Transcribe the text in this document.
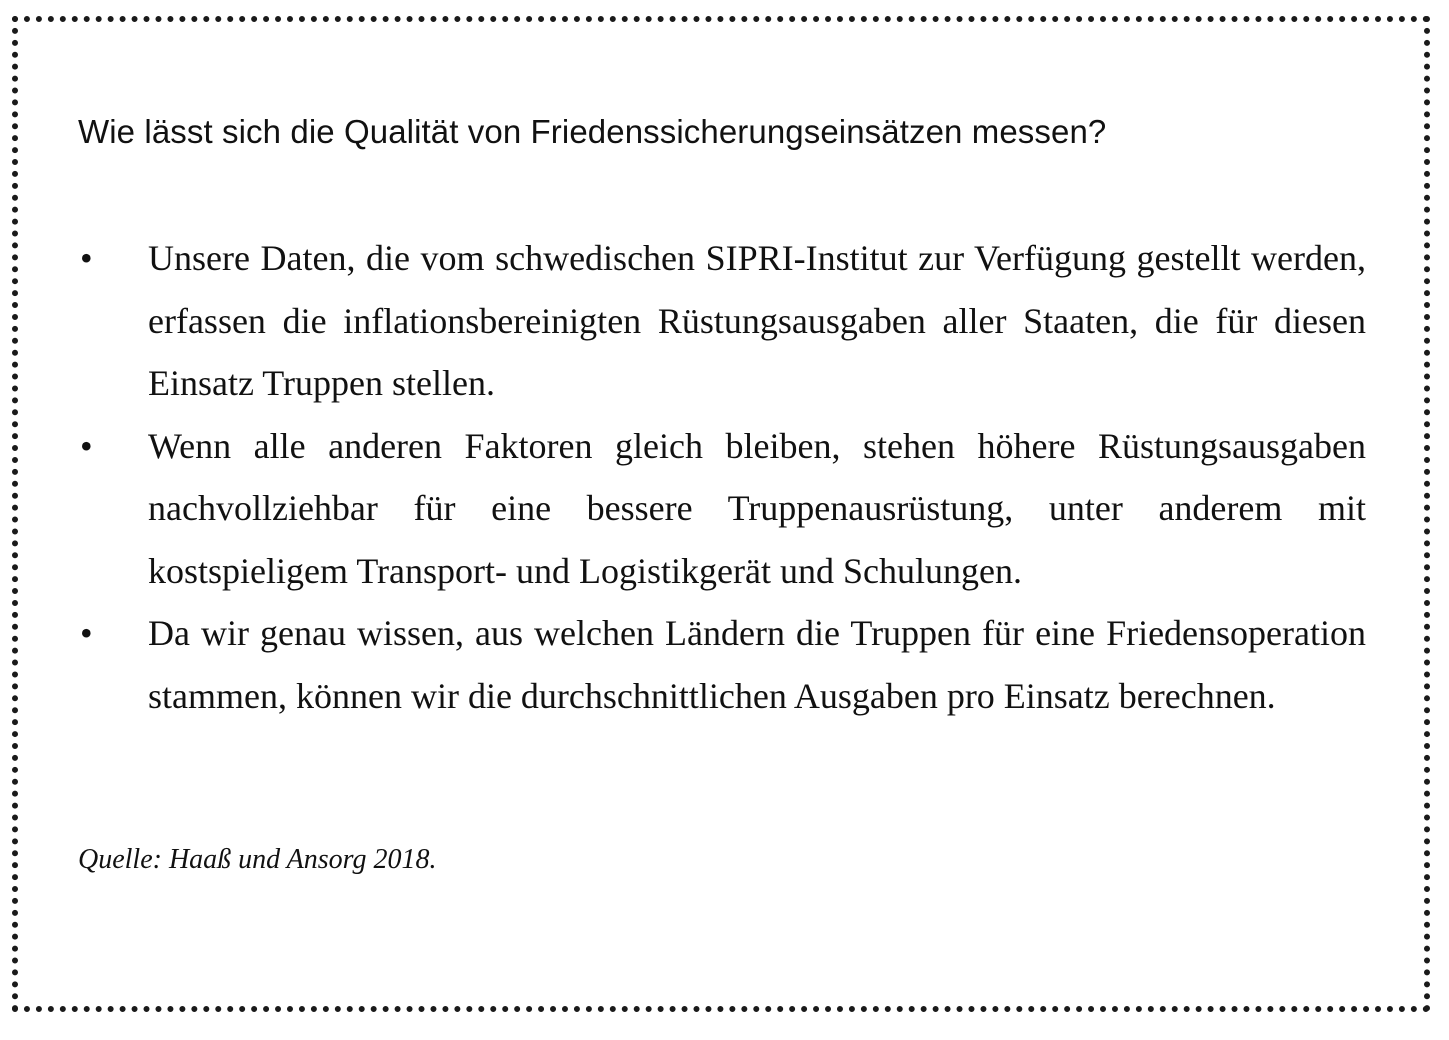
Wie lässt sich die Qualität von Friedenssicherungseinsätzen messen?
•	Unsere Daten, die vom schwedischen SIPRI-Institut zur Verfügung gestellt werden, erfassen die inflationsbereinigten Rüstungsausgaben aller Staaten, die für diesen Einsatz Truppen stellen.
•	Wenn alle anderen Faktoren gleich bleiben, stehen höhere Rüstungsausgaben nachvollziehbar für eine bessere Truppenausrüstung, unter anderem mit kostspieligem Transport- und Logistikgerät und Schulungen.
•	Da wir genau wissen, aus welchen Ländern die Truppen für eine Friedensoperation stammen, können wir die durchschnittlichen Ausgaben pro Einsatz berechnen.

Quelle: Haaß und Ansorg 2018.
